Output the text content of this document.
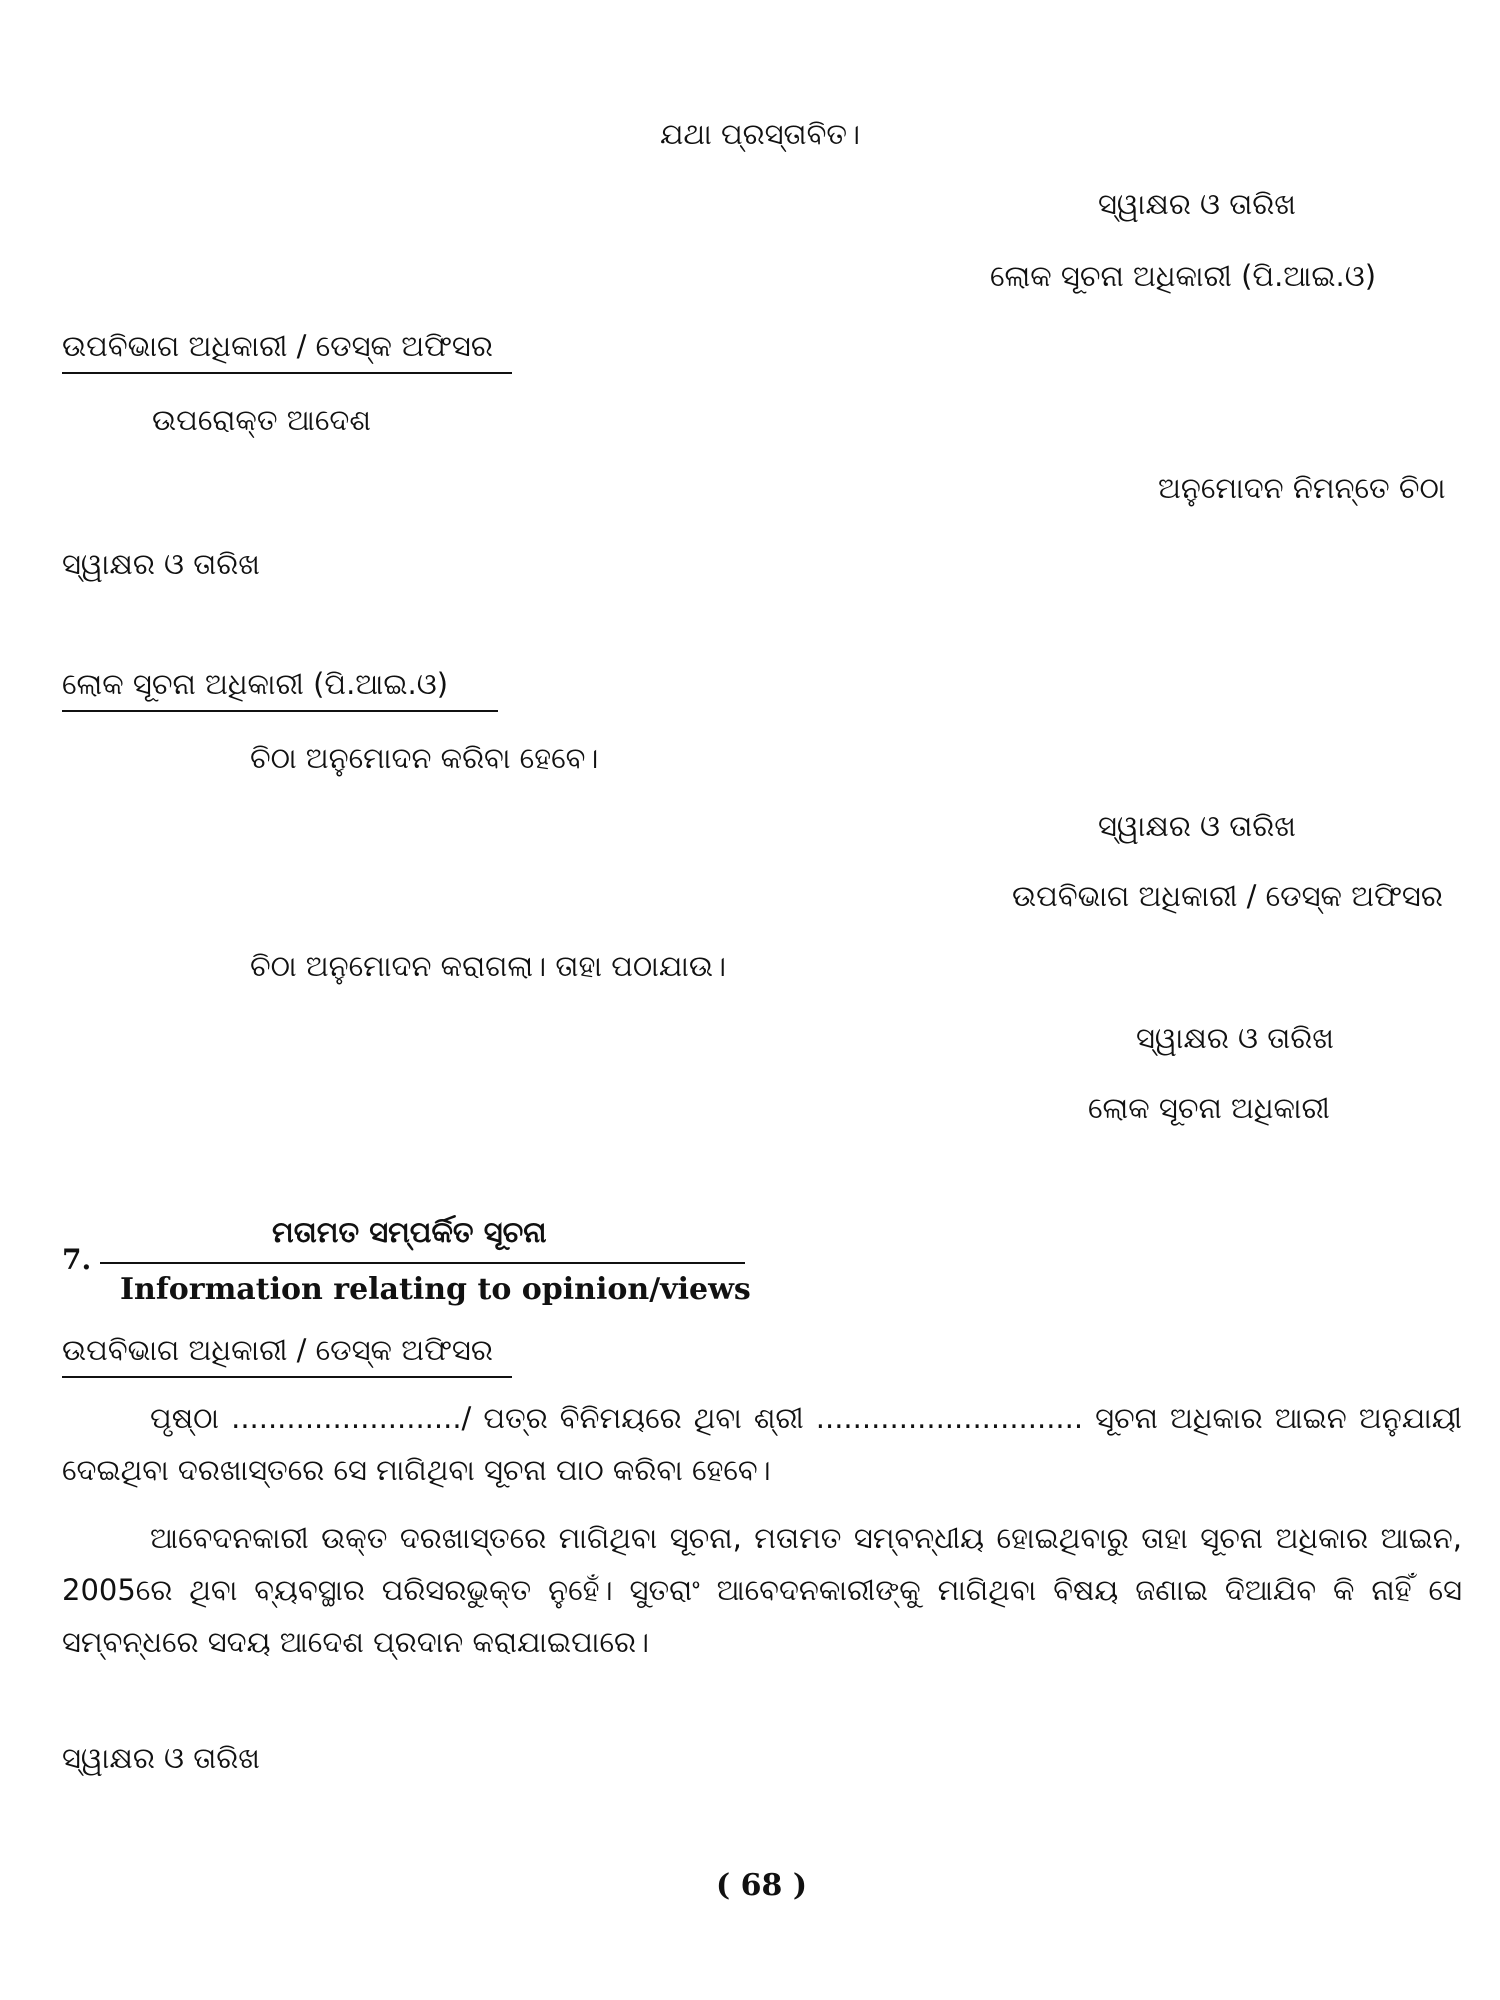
ଯଥା ପ୍ରସ୍ତାବିତ।
ସ୍ୱାକ୍ଷର ଓ ତାରିଖ
ଲୋକ ସୂଚନା ଅଧିକାରୀ (ପି.ଆଇ.ଓ)
ଉପବିଭାଗ ଅଧିକାରୀ / ଡେସ୍କ ଅଫିସର
ଉପରୋକ୍ତ ଆଦେଶ
ଅନୁମୋଦନ ନିମନ୍ତେ ଚିଠା
ସ୍ୱାକ୍ଷର ଓ ତାରିଖ
ଲୋକ ସୂଚନା ଅଧିକାରୀ (ପି.ଆଇ.ଓ)
ଚିଠା ଅନୁମୋଦନ କରିବା ହେବେ।
ସ୍ୱାକ୍ଷର ଓ ତାରିଖ
ଉପବିଭାଗ ଅଧିକାରୀ / ଡେସ୍କ ଅଫିସର
ଚିଠା ଅନୁମୋଦନ କରାଗଲା। ତାହା ପଠାଯାଉ।
ସ୍ୱାକ୍ଷର ଓ ତାରିଖ
ଲୋକ ସୂଚନା ଅଧିକାରୀ
7.
ମତାମତ ସମ୍ପର୍କିତ ସୂଚନା
Information relating to opinion/views
ଉପବିଭାଗ ଅଧିକାରୀ / ଡେସ୍କ ଅଫିସର
ପୃଷ୍ଠା ........................./ ପତ୍ର ବିନିମୟରେ ଥିବା ଶ୍ରୀ ............................. ସୂଚନା ଅଧିକାର ଆଇନ ଅନୁଯାୟୀ ଦେଇଥିବା ଦରଖାସ୍ତରେ ସେ ମାଗିଥିବା ସୂଚନା ପାଠ କରିବା ହେବେ।
ଆବେଦନକାରୀ ଉକ୍ତ ଦରଖାସ୍ତରେ ମାଗିଥିବା ସୂଚନା, ମତାମତ ସମ୍ବନ୍ଧୀୟ ହୋଇଥିବାରୁ ତାହା ସୂଚନା ଅଧିକାର ଆଇନ, 2005ରେ ଥିବା ବ୍ୟବସ୍ଥାର ପରିସରଭୁକ୍ତ ନୁହେଁ। ସୁତରାଂ ଆବେଦନକାରୀଙ୍କୁ ମାଗିଥିବା ବିଷୟ ଜଣାଇ ଦିଆଯିବ କି ନାହିଁ ସେ ସମ୍ବନ୍ଧରେ ସଦୟ ଆଦେଶ ପ୍ରଦାନ କରାଯାଇପାରେ।
ସ୍ୱାକ୍ଷର ଓ ତାରିଖ
( 68 )
